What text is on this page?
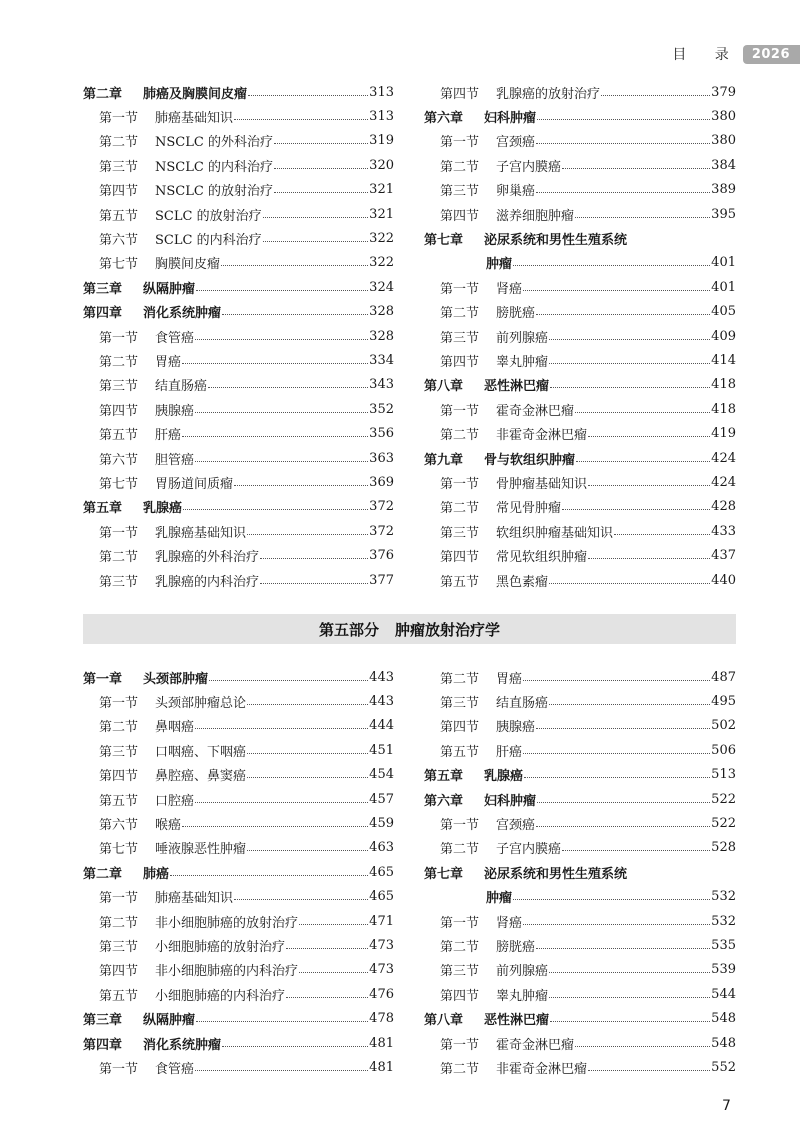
目 录 2026
第二章 肺癌及胸膜间皮瘤	313
第一节 肺癌基础知识	313
第二节 NSCLC 的外科治疗	319
第三节 NSCLC 的内科治疗	320
第四节 NSCLC 的放射治疗	321
第五节 SCLC 的放射治疗	321
第六节 SCLC 的内科治疗	322
第七节 胸膜间皮瘤	322
第三章 纵隔肿瘤	324
第四章 消化系统肿瘤	328
第一节 食管癌	328
第二节 胃癌	334
第三节 结直肠癌	343
第四节 胰腺癌	352
第五节 肝癌	356
第六节 胆管癌	363
第七节 胃肠道间质瘤	369
第五章 乳腺癌	372
第一节 乳腺癌基础知识	372
第二节 乳腺癌的外科治疗	376
第三节 乳腺癌的内科治疗	377
第四节 乳腺癌的放射治疗	379
第六章 妇科肿瘤	380
第一节 宫颈癌	380
第二节 子宫内膜癌	384
第三节 卵巢癌	389
第四节 滋养细胞肿瘤	395
第七章 泌尿系统和男性生殖系统
肿瘤	401
第一节 肾癌	401
第二节 膀胱癌	405
第三节 前列腺癌	409
第四节 睾丸肿瘤	414
第八章 恶性淋巴瘤	418
第一节 霍奇金淋巴瘤	418
第二节 非霍奇金淋巴瘤	419
第九章 骨与软组织肿瘤	424
第一节 骨肿瘤基础知识	424
第二节 常见骨肿瘤	428
第三节 软组织肿瘤基础知识	433
第四节 常见软组织肿瘤	437
第五节 黑色素瘤	440
第五部分 肿瘤放射治疗学
第一章 头颈部肿瘤	443
第一节 头颈部肿瘤总论	443
第二节 鼻咽癌	444
第三节 口咽癌、下咽癌	451
第四节 鼻腔癌、鼻窦癌	454
第五节 口腔癌	457
第六节 喉癌	459
第七节 唾液腺恶性肿瘤	463
第二章 肺癌	465
第一节 肺癌基础知识	465
第二节 非小细胞肺癌的放射治疗	471
第三节 小细胞肺癌的放射治疗	473
第四节 非小细胞肺癌的内科治疗	473
第五节 小细胞肺癌的内科治疗	476
第三章 纵隔肿瘤	478
第四章 消化系统肿瘤	481
第一节 食管癌	481
第二节 胃癌	487
第三节 结直肠癌	495
第四节 胰腺癌	502
第五节 肝癌	506
第五章 乳腺癌	513
第六章 妇科肿瘤	522
第一节 宫颈癌	522
第二节 子宫内膜癌	528
第七章 泌尿系统和男性生殖系统
肿瘤	532
第一节 肾癌	532
第二节 膀胱癌	535
第三节 前列腺癌	539
第四节 睾丸肿瘤	544
第八章 恶性淋巴瘤	548
第一节 霍奇金淋巴瘤	548
第二节 非霍奇金淋巴瘤	552
7
